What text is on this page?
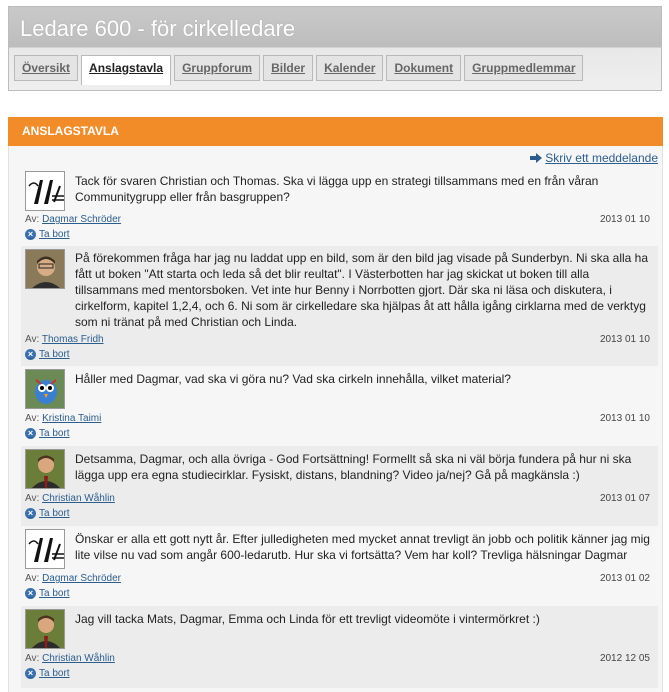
Ledare 600 - för cirkelledare
Översikt	Anslagstavla	Gruppforum	Bilder	Kalender	Dokument	Gruppmedlemmar
ANSLAGSTAVLA
Skriv ett meddelande
Tack för svaren Christian och Thomas. Ska vi lägga upp en strategi tillsammans med en från våran Communitygrupp eller från basgruppen?
Av: Dagmar Schröder	2013 01 10
× Ta bort
På förekommen fråga har jag nu laddat upp en bild, som är den bild jag visade på Sunderbyn. Ni ska alla ha fått ut boken "Att starta och leda så det blir reultat". I Västerbotten har jag skickat ut boken till alla tillsammans med mentorsboken. Vet inte hur Benny i Norrbotten gjort. Där ska ni läsa och diskutera, i cirkelform, kapitel 1,2,4, och 6. Ni som är cirkelledare ska hjälpas åt att hålla igång cirklarna med de verktyg som ni tränat på med Christian och Linda.
Av: Thomas Fridh	2013 01 10
× Ta bort
Håller med Dagmar, vad ska vi göra nu? Vad ska cirkeln innehålla, vilket material?
Av: Kristina Taimi	2013 01 10
× Ta bort
Detsamma, Dagmar, och alla övriga - God Fortsättning! Formellt så ska ni väl börja fundera på hur ni ska lägga upp era egna studiecirklar. Fysiskt, distans, blandning? Video ja/nej? Gå på magkänsla :)
Av: Christian Wåhlin	2013 01 07
× Ta bort
Önskar er alla ett gott nytt år. Efter julledigheten med mycket annat trevligt än jobb och politik känner jag mig lite vilse nu vad som angår 600-ledarutb. Hur ska vi fortsätta? Vem har koll? Trevliga hälsningar Dagmar
Av: Dagmar Schröder	2013 01 02
× Ta bort
Jag vill tacka Mats, Dagmar, Emma och Linda för ett trevligt videomöte i vintermörkret :)
Av: Christian Wåhlin	2012 12 05
× Ta bort
